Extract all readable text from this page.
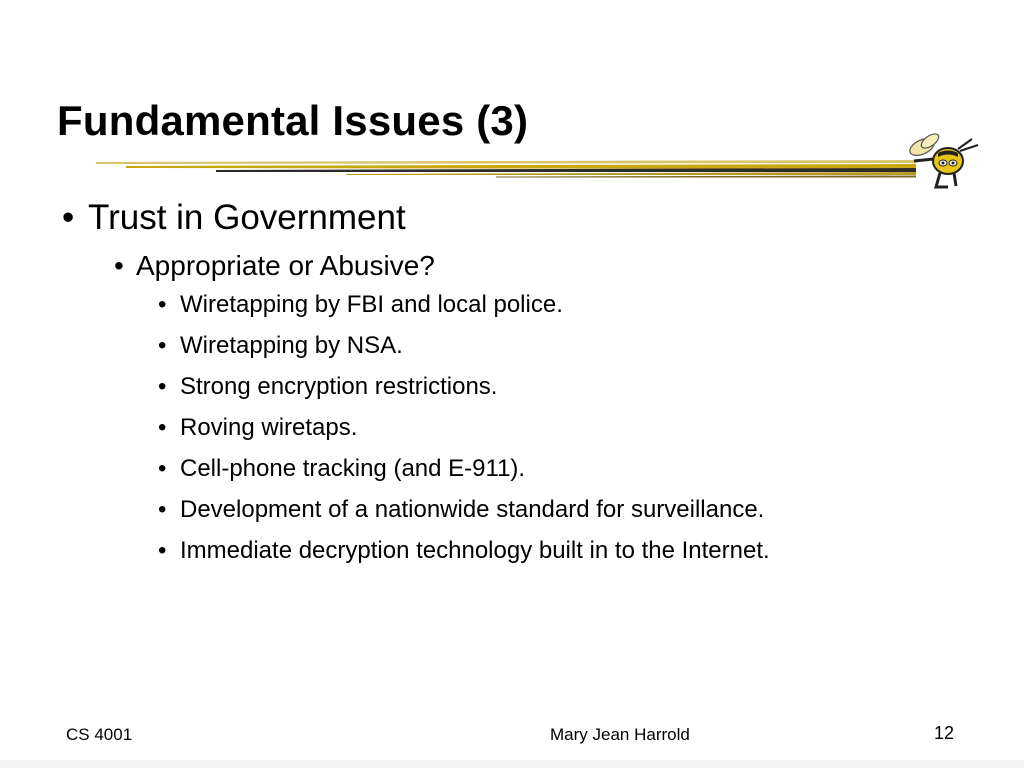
Fundamental Issues (3)
• Trust in Government
• Appropriate or Abusive?
• Wiretapping by FBI and local police.
• Wiretapping by NSA.
• Strong encryption restrictions.
• Roving wiretaps.
• Cell-phone tracking (and E-911).
• Development of a nationwide standard for surveillance.
• Immediate decryption technology built in to the Internet.
CS 4001	Mary Jean Harrold	12
